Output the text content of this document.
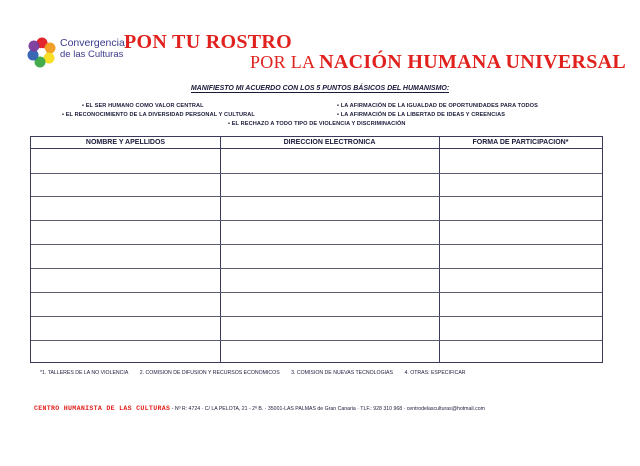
Convergencia
de las Culturas
PON TU ROSTRO
POR LA NACIÓN HUMANA UNIVERSAL
MANIFIESTO MI ACUERDO CON LOS 5 PUNTOS BÁSICOS DEL HUMANISMO:
• EL SER HUMANO COMO VALOR CENTRAL
• EL RECONOCIMIENTO DE LA DIVERSIDAD PERSONAL Y CULTURAL
• LA AFIRMACIÓN DE LA IGUALDAD DE OPORTUNIDADES PARA TODOS
• LA AFIRMACIÓN DE LA LIBERTAD DE IDEAS Y CREENCIAS
• EL RECHAZO A TODO TIPO DE VIOLENCIA Y DISCRIMINACIÓN
NOMBRE Y APELLIDOS	DIRECCION ELECTRONICA	FORMA DE PARTICIPACION*
*1. TALLERES DE LA NO VIOLENCIA 2. COMISION DE DIFUSION Y RECURSOS ECONOMICOS 3. COMISION DE NUEVAS TECNOLOGIAS 4. OTRAS: ESPECIFICAR
CENTRO HUMANISTA DE LAS CULTURAS - Nº R: 4724 · C/ LA PELOTA, 21 - 2º B. · 35001-LAS PALMAS de Gran Canaria · TLF.: 928 310 968 · centrodelasculturas@hotmail.com
